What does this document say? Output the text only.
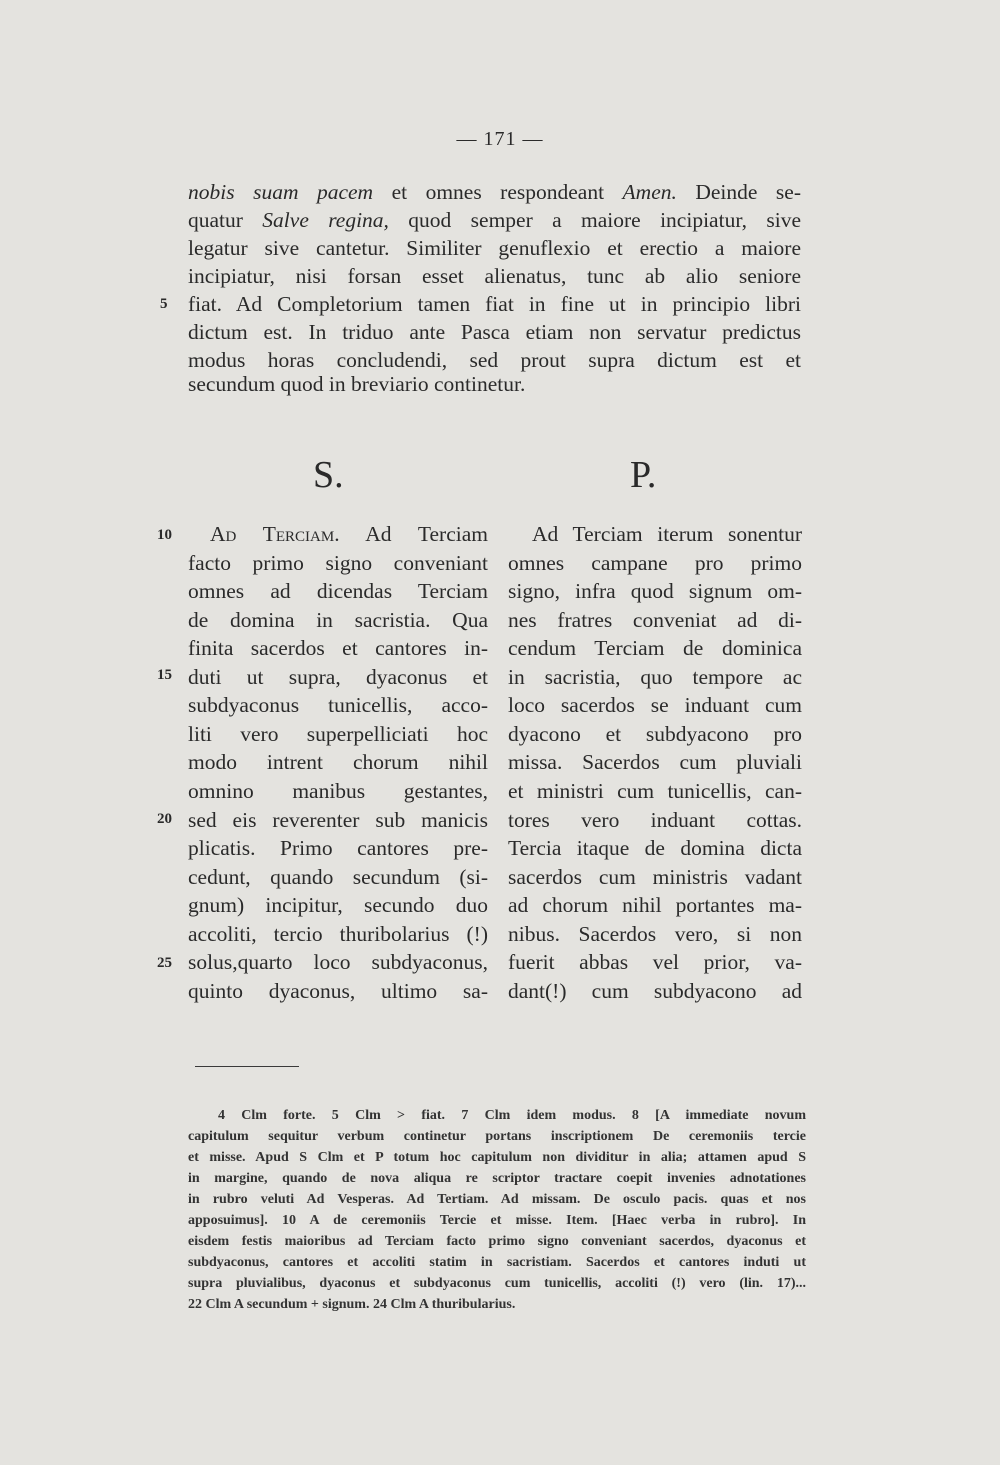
— 171 —
nobis suam pacem et omnes respondeant Amen. Deinde se-
quatur Salve regina, quod semper a maiore incipiatur, sive
legatur sive cantetur. Similiter genuflexio et erectio a maiore
incipiatur, nisi forsan esset alienatus, tunc ab alio seniore
fiat. Ad Completorium tamen fiat in fine ut in principio libri
dictum est. In triduo ante Pasca etiam non servatur predictus
modus horas concludendi, sed prout supra dictum est et
secundum quod in breviario continetur.
5
S.	P.
10
15
20
25
Ad Terciam. Ad Terciam
facto primo signo conveniant
omnes ad dicendas Terciam
de domina in sacristia. Qua
finita sacerdos et cantores in-
duti ut supra, dyaconus et
subdyaconus tunicellis, acco-
liti vero superpelliciati hoc
modo intrent chorum nihil
omnino manibus gestantes,
sed eis reverenter sub manicis
plicatis. Primo cantores pre-
cedunt, quando secundum (si-
gnum) incipitur, secundo duo
accoliti, tercio thuribolarius (!)
solus,quarto loco subdyaconus,
quinto dyaconus, ultimo sa-
Ad Terciam iterum sonentur
omnes campane pro primo
signo, infra quod signum om-
nes fratres conveniat ad di-
cendum Terciam de dominica
in sacristia, quo tempore ac
loco sacerdos se induant cum
dyacono et subdyacono pro
missa. Sacerdos cum pluviali
et ministri cum tunicellis, can-
tores vero induant cottas.
Tercia itaque de domina dicta
sacerdos cum ministris vadant
ad chorum nihil portantes ma-
nibus. Sacerdos vero, si non
fuerit abbas vel prior, va-
dant(!) cum subdyacono ad
4 Clm forte. 5 Clm > fiat. 7 Clm idem modus. 8 [A immediate novum
capitulum sequitur verbum continetur portans inscriptionem De ceremoniis tercie
et misse. Apud S Clm et P totum hoc capitulum non dividitur in alia; attamen apud S
in margine, quando de nova aliqua re scriptor tractare coepit invenies adnotationes
in rubro veluti Ad Vesperas. Ad Tertiam. Ad missam. De osculo pacis. quas et nos
apposuimus]. 10 A de ceremoniis Tercie et misse. Item. [Haec verba in rubro]. In
eisdem festis maioribus ad Terciam facto primo signo conveniant sacerdos, dyaconus et
subdyaconus, cantores et accoliti statim in sacristiam. Sacerdos et cantores induti ut
supra pluvialibus, dyaconus et subdyaconus cum tunicellis, accoliti (!) vero (lin. 17)...
22 Clm A secundum + signum. 24 Clm A thuribularius.
